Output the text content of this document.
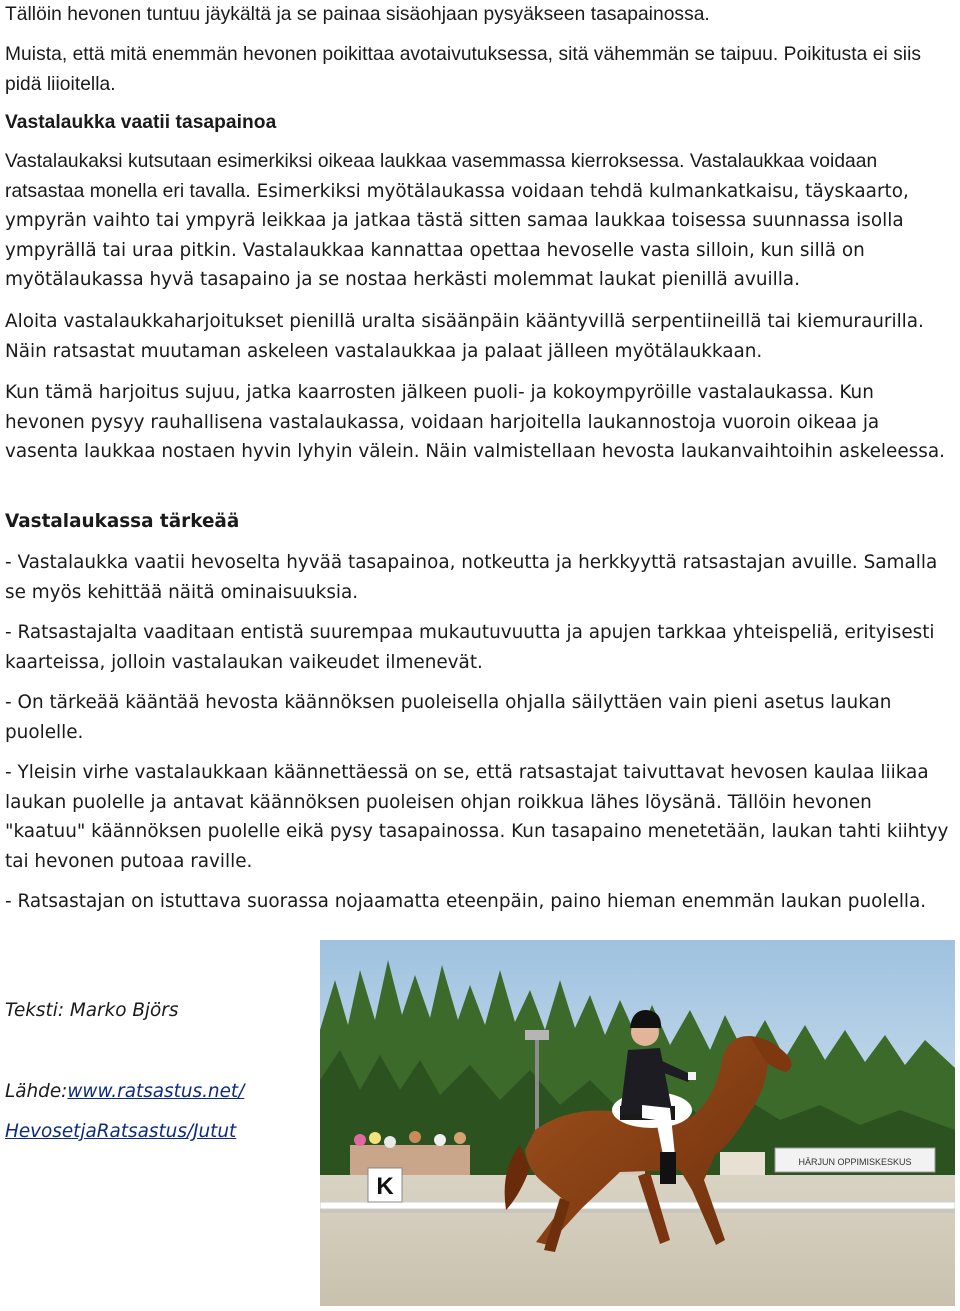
Tällöin hevonen tuntuu jäykältä ja se painaa sisäohjaan pysyäkseen tasapainossa.

Muista, että mitä enemmän hevonen poikittaa avotaivutuksessa, sitä vähemmän se taipuu. Poikitusta ei siis pidä liioitella.

Vastalaukka vaatii tasapainoa

Vastalaukaksi kutsutaan esimerkiksi oikeaa laukkaa vasemmassa kierroksessa. Vastalaukkaa voidaan ratsastaa monella eri tavalla. Esimerkiksi myötälaukassa voidaan tehdä kulmankatkaisu, täyskaarto, ympyrän vaihto tai ympyrä leikkaa ja jatkaa tästä sitten samaa laukkaa toisessa suunnassa isolla ympyrällä tai uraa pitkin. Vastalaukkaa kannattaa opettaa hevoselle vasta silloin, kun sillä on myötälaukassa hyvä tasapaino ja se nostaa herkästi molemmat laukat pienillä avuilla.

Aloita vastalaukkaharjoitukset pienillä uralta sisäänpäin kääntyvillä serpentiineillä tai kiemuraurilla. Näin ratsastat muutaman askeleen vastalaukkaa ja palaat jälleen myötälaukkaan.

Kun tämä harjoitus sujuu, jatka kaarrosten jälkeen puoli- ja kokoympyröille vastalaukassa. Kun hevonen pysyy rauhallisena vastalaukassa, voidaan harjoitella laukannostoja vuoroin oikeaa ja vasenta laukkaa nostaen hyvin lyhyin välein. Näin valmistellaan hevosta laukanvaihtoihin askeleessa.

Vastalaukassa tärkeää

- Vastalaukka vaatii hevoselta hyvää tasapainoa, notkeutta ja herkkyyttä ratsastajan avuille. Samalla se myös kehittää näitä ominaisuuksia.

- Ratsastajalta vaaditaan entistä suurempaa mukautuvuutta ja apujen tarkkaa yhteispeliä, erityisesti kaarteissa, jolloin vastalaukan vaikeudet ilmenevät.

- On tärkeää kääntää hevosta käännöksen puoleisella ohjalla säilyttäen vain pieni asetus laukan puolelle.

- Yleisin virhe vastalaukkaan käännettäessä on se, että ratsastajat taivuttavat hevosen kaulaa liikaa laukan puolelle ja antavat käännöksen puoleisen ohjan roikkua lähes löysänä. Tällöin hevonen "kaatuu" käännöksen puolelle eikä pysy tasapainossa. Kun tasapaino menetetään, laukan tahti kiihtyy tai hevonen putoaa raville.

- Ratsastajan on istuttava suorassa nojaamatta eteenpäin, paino hieman enemmän laukan puolella.

Teksti: Marko Björs

Lähde:www.ratsastus.net/

HevosetjaRatsastus/Jutut

HÄRJUN OPPIMISKESKUS
K
